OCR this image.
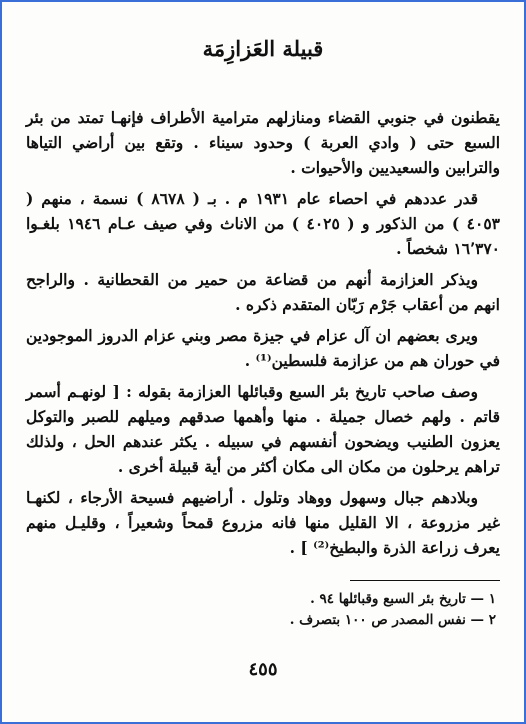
قبيلة العَزازِمَة

يقطنون في جنوبي القضاء ومنازلهم مترامية الأطراف فإنهـا تمتد من بئر السبع حتى ( وادي العربة ) وحدود سيناء . وتقع بين أراضي التياها والترابين والسعيديين والأحيوات .

قدر عددهم في احصاء عام ١٩٣١ م . بـ ( ٨٦٧٨ ) نسمة ، منهم ( ٤٠٥٣ ) من الذكور و ( ٤٠٢٥ ) من الاناث وفي صيف عـام ١٩٤٦ بلغـوا ١٦٬٣٧٠ شخصاً .

ويذكر العزازمة أنهم من قضاعة من حمير من القحطانية . والراجح انهم من أعقاب جَرْم رَبّان المتقدم ذكره .

ويرى بعضهم ان آل عزام في جيزة مصر وبني عزام الدروز الموجودين في حوران هم من عزازمة فلسطين⁽¹⁾ .

وصف صاحب تاريخ بئر السبع وقبائلها العزازمة بقوله : [ لونهـم أسمر قاتم . ولهم خصال جميلة . منها وأهمها صدقهم وميلهم للصبر والتوكل يعزون الطنيب ويضحون أنفسهم في سبيله . يكثر عندهم الحل ، ولذلك تراهم يرحلون من مكان الى مكان أكثر من أية قبيلة أخرى .

وبلادهم جبال وسهول ووهاد وتلول . أراضيهم فسيحة الأرجاء ، لكنهـا غير مزروعة ، الا القليل منها فانه مزروع قمحاً وشعيراً ، وقليـل منهم يعرف زراعة الذرة والبطيخ⁽²⁾ ] .

١ — تاريخ بئر السبع وقبائلها ٩٤ .
٢ — نفس المصدر ص ١٠٠ بتصرف .
٤٥٥
